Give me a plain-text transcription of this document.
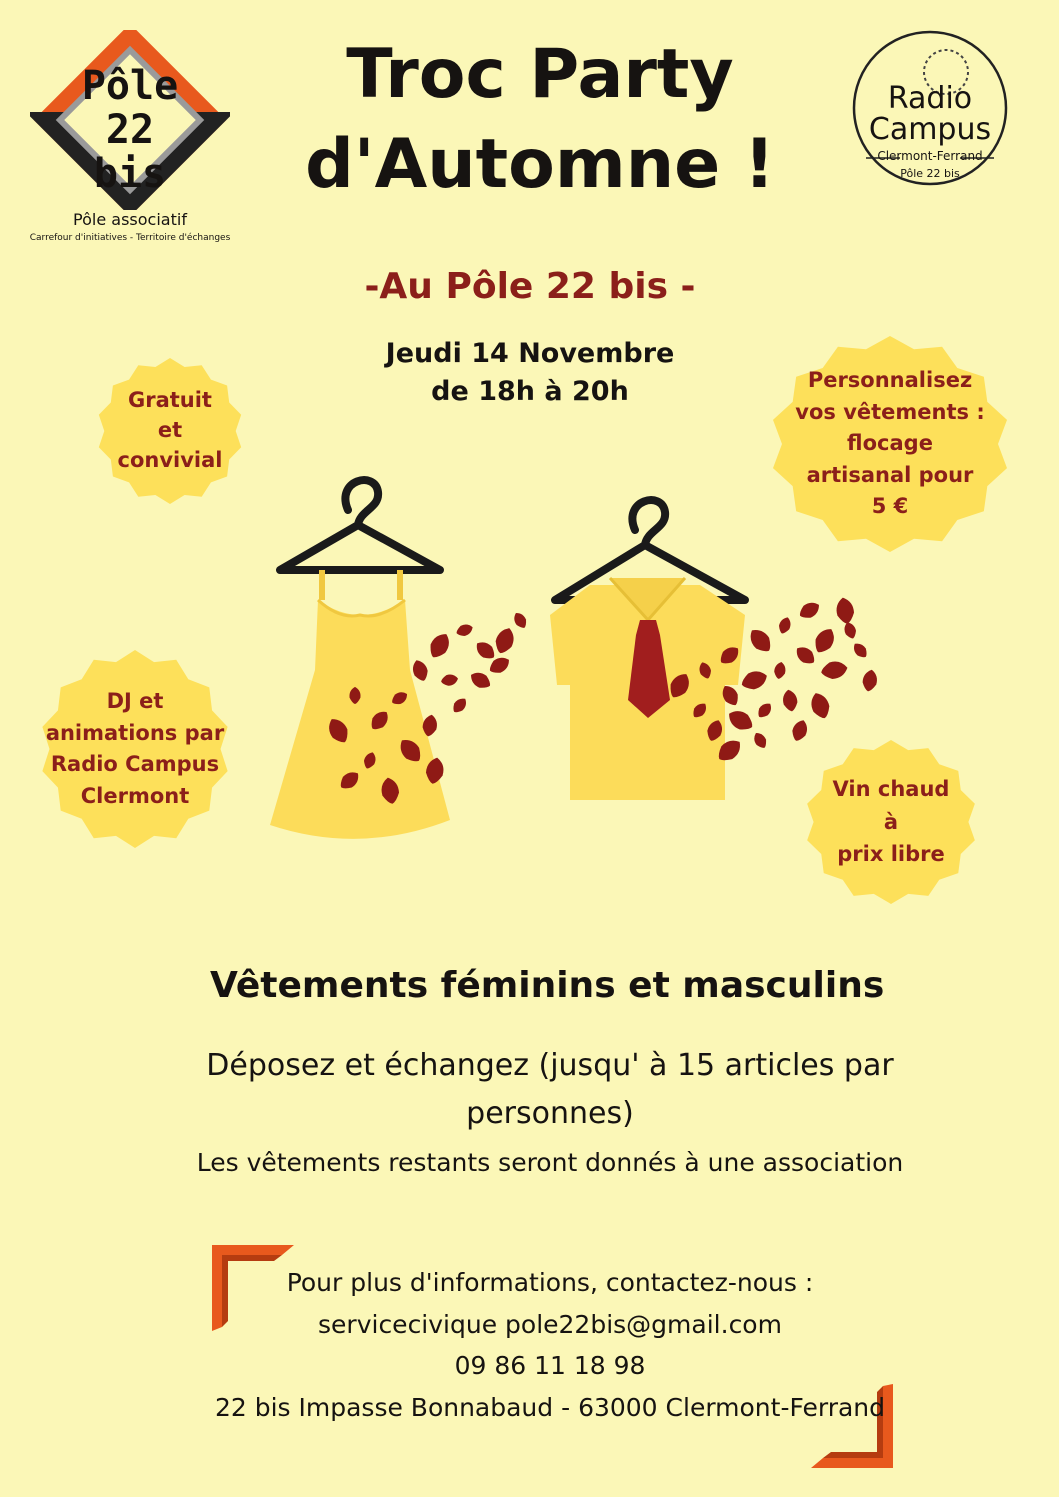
Pôle
22 bis
Pôle associatif
Carrefour d'initiatives - Territoire d'échanges
Radio
Campus
Clermont-Ferrand
Pôle 22 bis
Troc Party
d'Automne !
-Au Pôle 22 bis -
Jeudi 14 Novembre
de 18h à 20h
Gratuit
et
convivial
Personnalisez
vos vêtements :
flocage
artisanal pour
5 €
DJ et
animations par
Radio Campus
Clermont	Vin chaud
à
prix libre
Vêtements féminins et masculins
Déposez et échangez (jusqu' à 15 articles par
personnes)
Les vêtements restants seront donnés à une association
Pour plus d'informations, contactez-nous :
servicecivique pole22bis@gmail.com
09 86 11 18 98
22 bis Impasse Bonnabaud - 63000 Clermont-Ferrand
